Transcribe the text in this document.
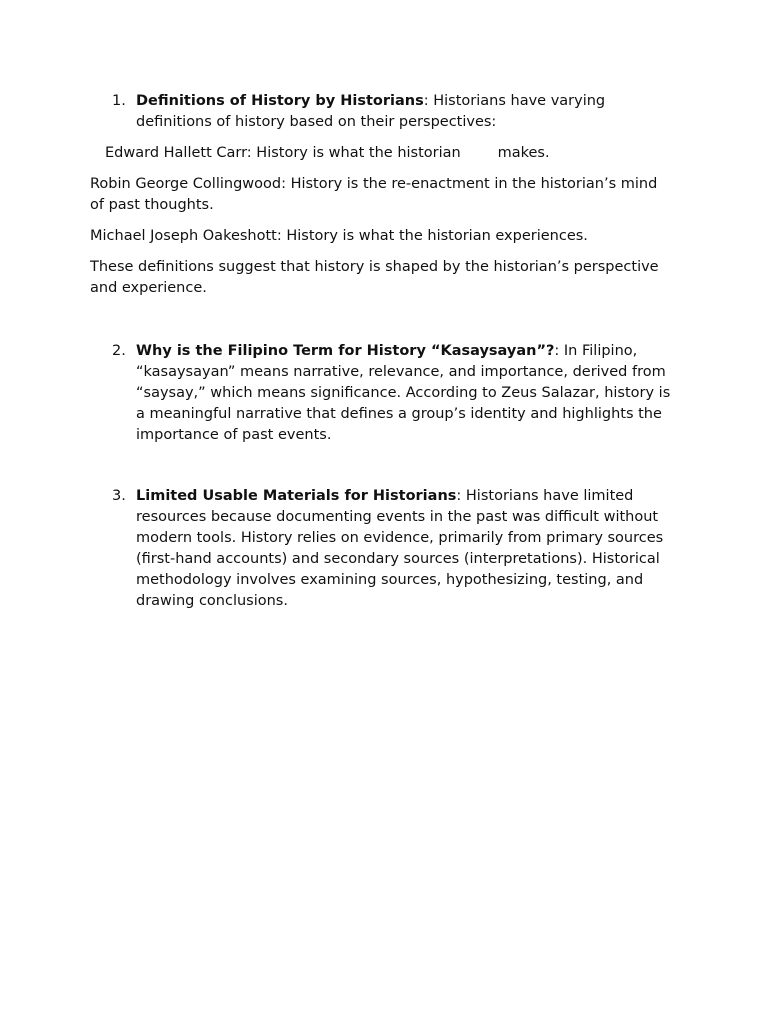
1. Definitions of History by Historians: Historians have varying definitions of history based on their perspectives:

Edward Hallett Carr: History is what the historian	makes.

Robin George Collingwood: History is the re-enactment in the historian’s mind of past thoughts.

Michael Joseph Oakeshott: History is what the historian experiences.

These definitions suggest that history is shaped by the historian’s perspective and experience.

2. Why is the Filipino Term for History “Kasaysayan”?: In Filipino, “kasaysayan” means narrative, relevance, and importance, derived from “saysay,” which means significance. According to Zeus Salazar, history is a meaningful narrative that defines a group’s identity and highlights the importance of past events.
3. Limited Usable Materials for Historians: Historians have limited resources because documenting events in the past was difficult without modern tools. History relies on evidence, primarily from primary sources (first-hand accounts) and secondary sources (interpretations). Historical methodology involves examining sources, hypothesizing, testing, and drawing conclusions.
